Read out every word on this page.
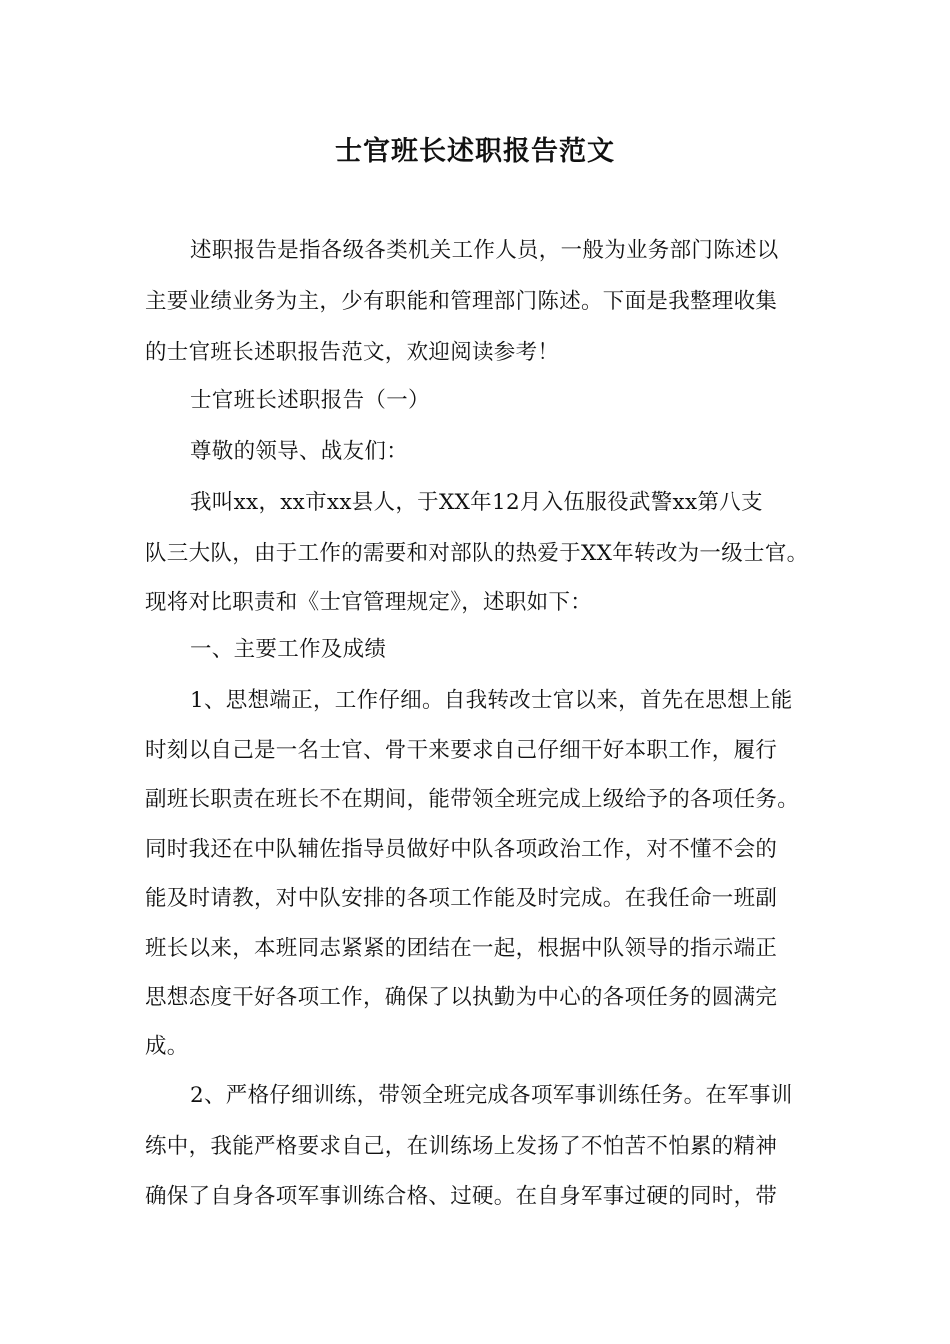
士官班长述职报告范文
述职报告是指各级各类机关工作人员，一般为业务部门陈述以
主要业绩业务为主，少有职能和管理部门陈述。下面是我整理收集
的士官班长述职报告范文，欢迎阅读参考！
士官班长述职报告（一）
尊敬的领导、战友们：
我叫xx，xx市xx县人，于XX年12月入伍服役武警xx第八支
队三大队，由于工作的需要和对部队的热爱于XX年转改为一级士官。
现将对比职责和《士官管理规定》，述职如下：
一、主要工作及成绩
1、思想端正，工作仔细。自我转改士官以来，首先在思想上能
时刻以自己是一名士官、骨干来要求自己仔细干好本职工作，履行
副班长职责在班长不在期间，能带领全班完成上级给予的各项任务。
同时我还在中队辅佐指导员做好中队各项政治工作，对不懂不会的
能及时请教，对中队安排的各项工作能及时完成。在我任命一班副
班长以来，本班同志紧紧的团结在一起，根据中队领导的指示端正
思想态度干好各项工作，确保了以执勤为中心的各项任务的圆满完
成。
2、严格仔细训练，带领全班完成各项军事训练任务。在军事训
练中，我能严格要求自己，在训练场上发扬了不怕苦不怕累的精神
确保了自身各项军事训练合格、过硬。在自身军事过硬的同时，带
